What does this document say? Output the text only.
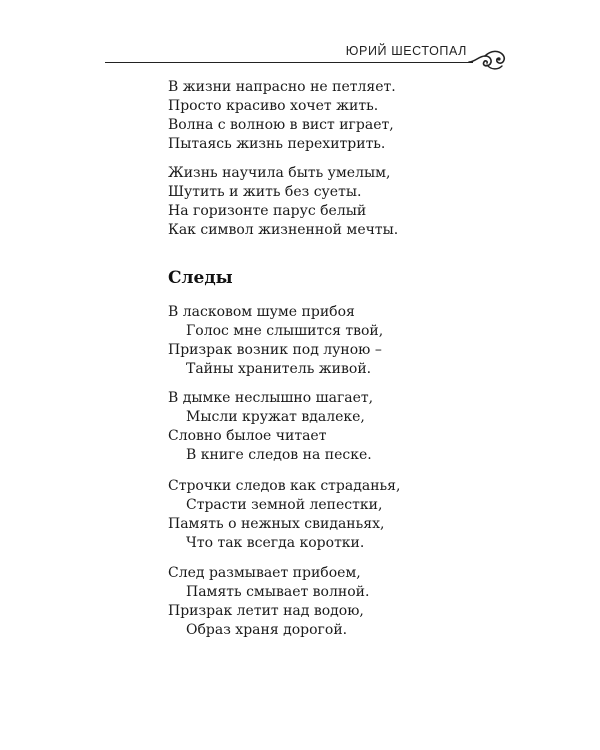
ЮРИЙ ШЕСТОПАЛ
В жизни напрасно не петляет.
Просто красиво хочет жить.
Волна с волною в вист играет,
Пытаясь жизнь перехитрить.
Жизнь научила быть умелым,
Шутить и жить без суеты.
На горизонте парус белый
Как символ жизненной мечты.
Следы
В ласковом шуме прибоя
Голос мне слышится твой,
Призрак возник под луною –
Тайны хранитель живой.
В дымке неслышно шагает,
Мысли кружат вдалеке,
Словно былое читает
В книге следов на песке.
Строчки следов как страданья,
Страсти земной лепестки,
Память о нежных свиданьях,
Что так всегда коротки.
След размывает прибоем,
Память смывает волной.
Призрак летит над водою,
Образ храня дорогой.
